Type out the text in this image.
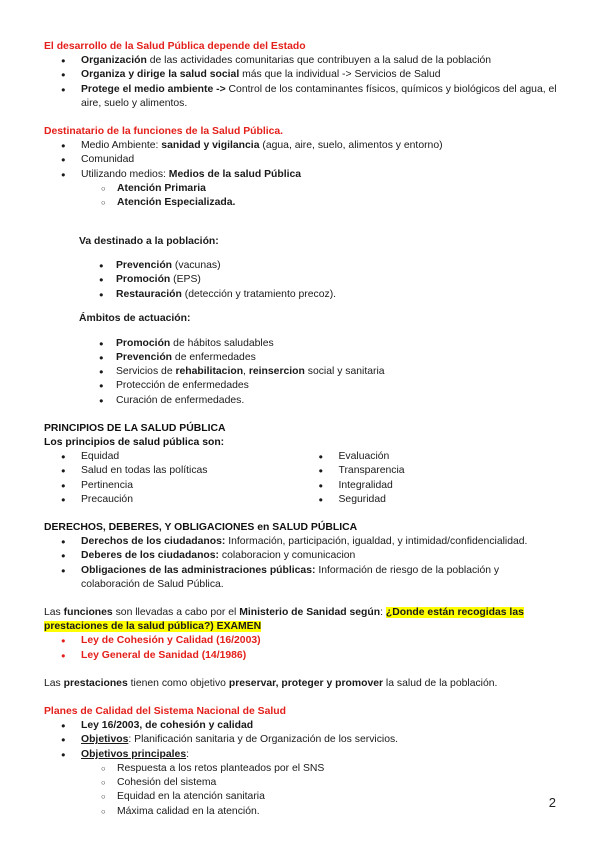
El desarrollo de la Salud Pública depende del Estado

● Organización de las actividades comunitarias que contribuyen a la salud de la población
● Organiza y dirige la salud social más que la individual -> Servicios de Salud
● Protege el medio ambiente -> Control de los contaminantes físicos, químicos y biológicos del agua, el aire, suelo y alimentos.

Destinatario de la funciones de la Salud Pública.

● Medio Ambiente: sanidad y vigilancia (agua, aire, suelo, alimentos y entorno)
● Comunidad
● Utilizando medios: Medios de la salud Pública
○ Atención Primaria
○ Atención Especializada.

Va destinado a la población:

● Prevención (vacunas)
● Promoción (EPS)
● Restauración (detección y tratamiento precoz).

Ámbitos de actuación:

● Promoción de hábitos saludables
● Prevención de enfermedades
● Servicios de rehabilitacion, reinsercion social y sanitaria
● Protección de enfermedades
● Curación de enfermedades.

PRINCIPIOS DE LA SALUD PÚBLICA

Los principios de salud pública son:

● Equidad
● Salud en todas las políticas
● Pertinencia
● Precaución
● Evaluación
● Transparencia
● Integralidad
● Seguridad

DERECHOS, DEBERES, Y OBLIGACIONES en SALUD PÚBLICA

● Derechos de los ciudadanos: Información, participación, igualdad, y intimidad/confidencialidad.
● Deberes de los ciudadanos: colaboracion y comunicacion
● Obligaciones de las administraciones públicas: Información de riesgo de la población y colaboración de Salud Pública.

Las funciones son llevadas a cabo por el Ministerio de Sanidad según: ¿Donde están recogidas las prestaciones de la salud pública?) EXAMEN

● Ley de Cohesión y Calidad (16/2003)
● Ley General de Sanidad (14/1986)

Las prestaciones tienen como objetivo preservar, proteger y promover la salud de la población.

Planes de Calidad del Sistema Nacional de Salud

● Ley 16/2003, de cohesión y calidad
● Objetivos: Planificación sanitaria y de Organización de los servicios.
● Objetivos principales:
○ Respuesta a los retos planteados por el SNS
○ Cohesión del sistema
○ Equidad en la atención sanitaria
○ Máxima calidad en la atención.
2
